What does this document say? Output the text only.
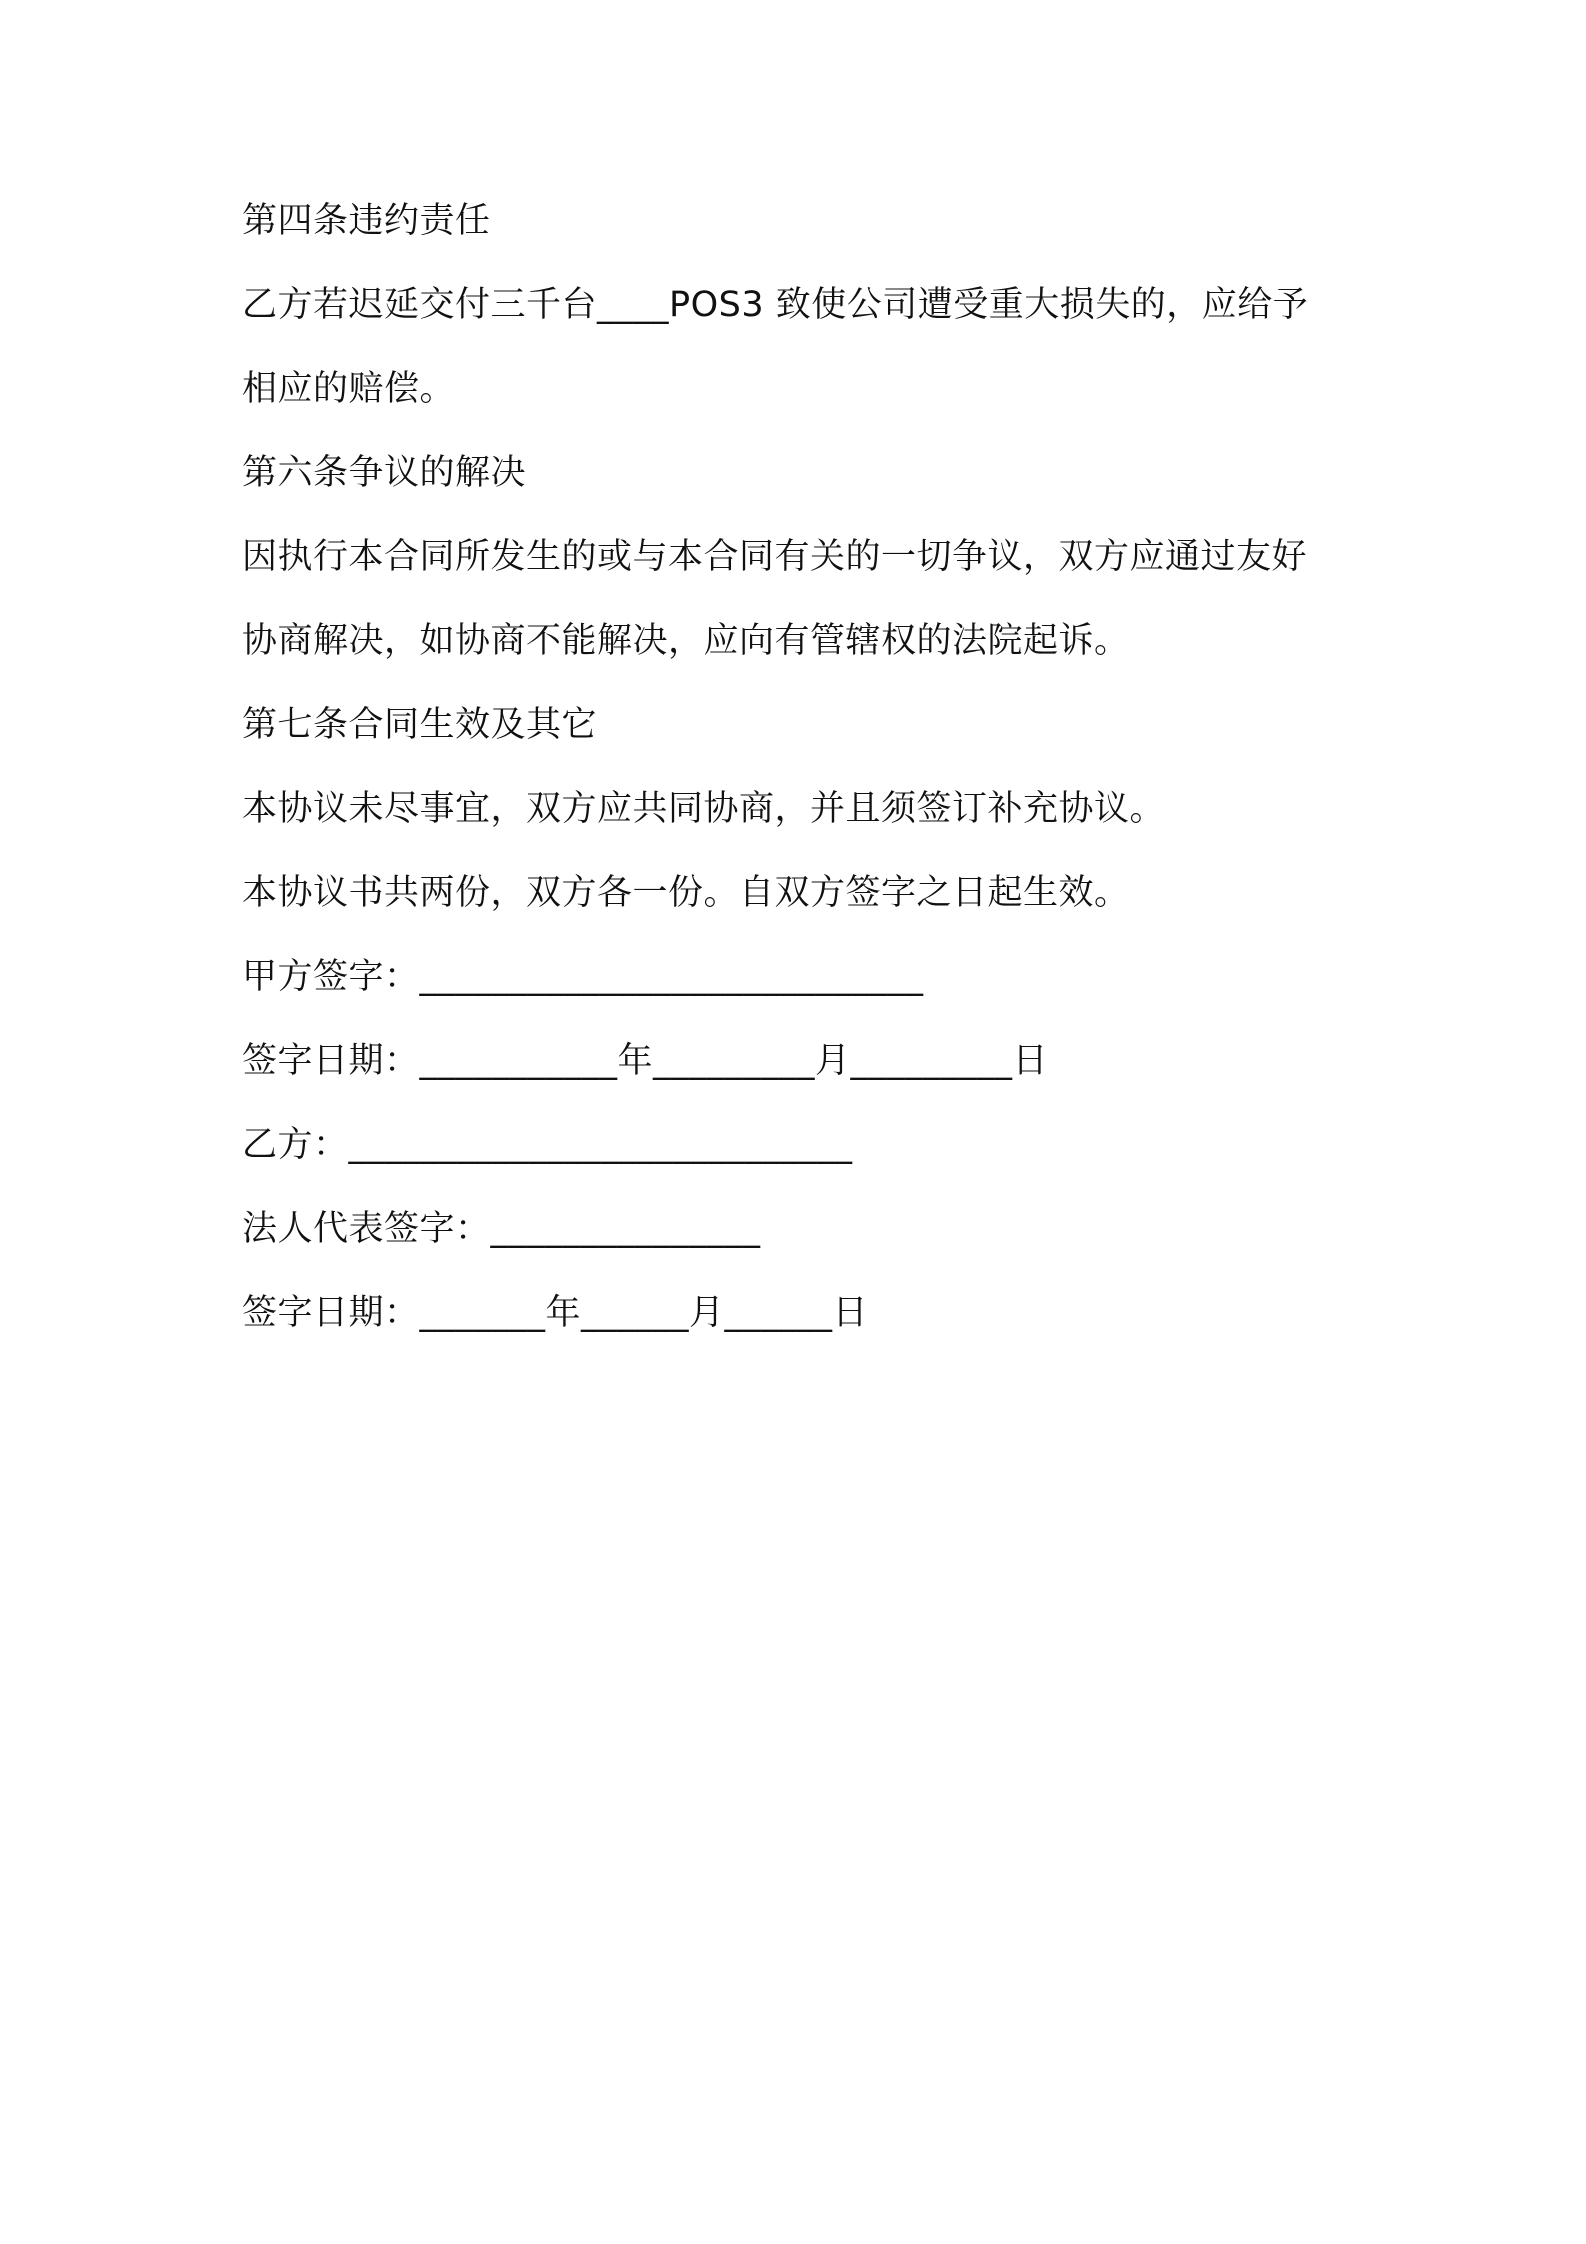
第四条违约责任
乙方若迟延交付三千台____POS3 致使公司遭受重大损失的，应给予
相应的赔偿。
第六条争议的解决
因执行本合同所发生的或与本合同有关的一切争议，双方应通过友好
协商解决，如协商不能解决，应向有管辖权的法院起诉。
第七条合同生效及其它
本协议未尽事宜，双方应共同协商，并且须签订补充协议。
本协议书共两份，双方各一份。自双方签字之日起生效。
甲方签字：____________________________
签字日期：___________年_________月_________日
乙方：____________________________
法人代表签字：_______________
签字日期：_______年______月______日
